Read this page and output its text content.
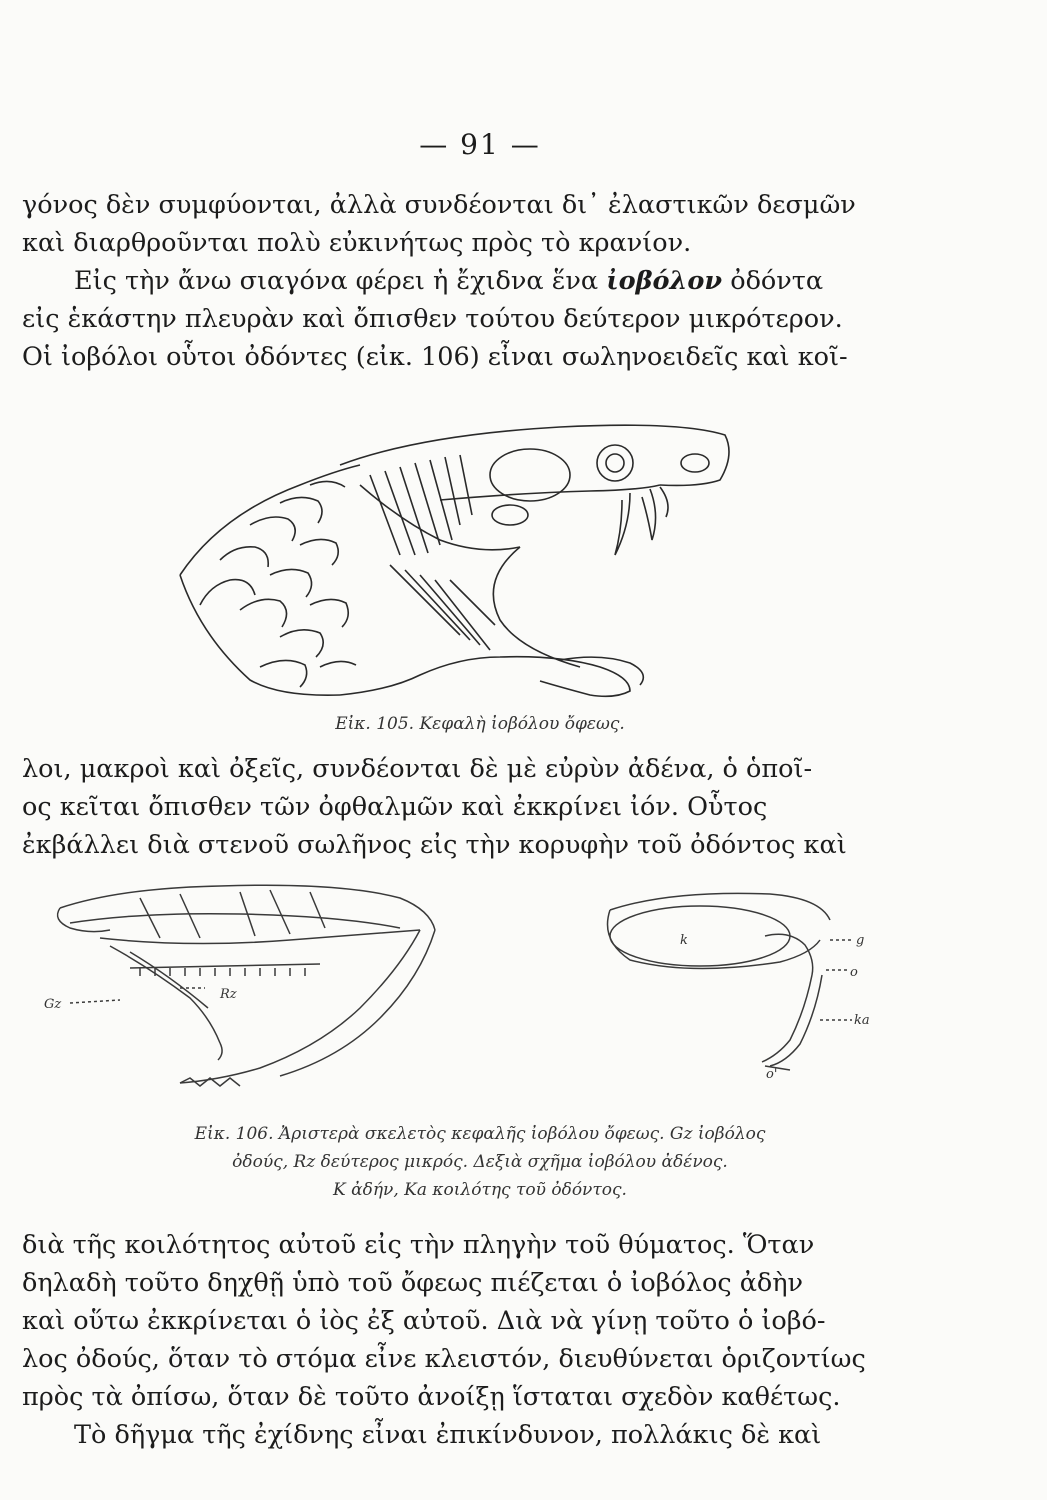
— 91 —
γόνος δὲν συμφύονται, ἀλλὰ συνδέονται δι᾽ ἐλαστικῶν δεσμῶν
καὶ διαρθροῦνται πολὺ εὐκινήτως πρὸς τὸ κρανίον.
Εἰς τὴν ἄνω σιαγόνα φέρει ἡ ἔχιδνα ἕνα ἰοβόλον ὀδόντα
εἰς ἑκάστην πλευρὰν καὶ ὄπισθεν τούτου δεύτερον μικρότερον.
Οἱ ἰοβόλοι οὗτοι ὀδόντες (εἰκ. 106) εἶναι σωληνοειδεῖς καὶ κοῖ-
Εἰκ. 105. Κεφαλὴ ἰοβόλου ὄφεως.
λοι, μακροὶ καὶ ὀξεῖς, συνδέονται δὲ μὲ εὐρὺν ἀδένα, ὁ ὁποῖ-
ος κεῖται ὄπισθεν τῶν ὀφθαλμῶν καὶ ἐκκρίνει ἰόν. Οὗτος
ἐκβάλλει διὰ στενοῦ σωλῆνος εἰς τὴν κορυφὴν τοῦ ὀδόντος καὶ
Gz
Rz
k	g
o
ka
o'
Εἰκ. 106. Ἀριστερὰ σκελετὸς κεφαλῆς ἰοβόλου ὄφεως. Gz ἰοβόλος
ὀδούς, Rz δεύτερος μικρός. Δεξιὰ σχῆμα ἰοβόλου ἀδένος.
K ἀδήν, Ka κοιλότης τοῦ ὀδόντος.
διὰ τῆς κοιλότητος αὐτοῦ εἰς τὴν πληγὴν τοῦ θύματος. Ὅταν
δηλαδὴ τοῦτο δηχθῇ ὑπὸ τοῦ ὄφεως πιέζεται ὁ ἰοβόλος ἀδὴν
καὶ οὕτω ἐκκρίνεται ὁ ἰὸς ἐξ αὐτοῦ. Διὰ νὰ γίνῃ τοῦτο ὁ ἰοβό-
λος ὀδούς, ὅταν τὸ στόμα εἶνε κλειστόν, διευθύνεται ὁριζοντίως
πρὸς τὰ ὀπίσω, ὅταν δὲ τοῦτο ἀνοίξῃ ἵσταται σχεδὸν καθέτως.
Τὸ δῆγμα τῆς ἐχίδνης εἶναι ἐπικίνδυνον, πολλάκις δὲ καὶ
